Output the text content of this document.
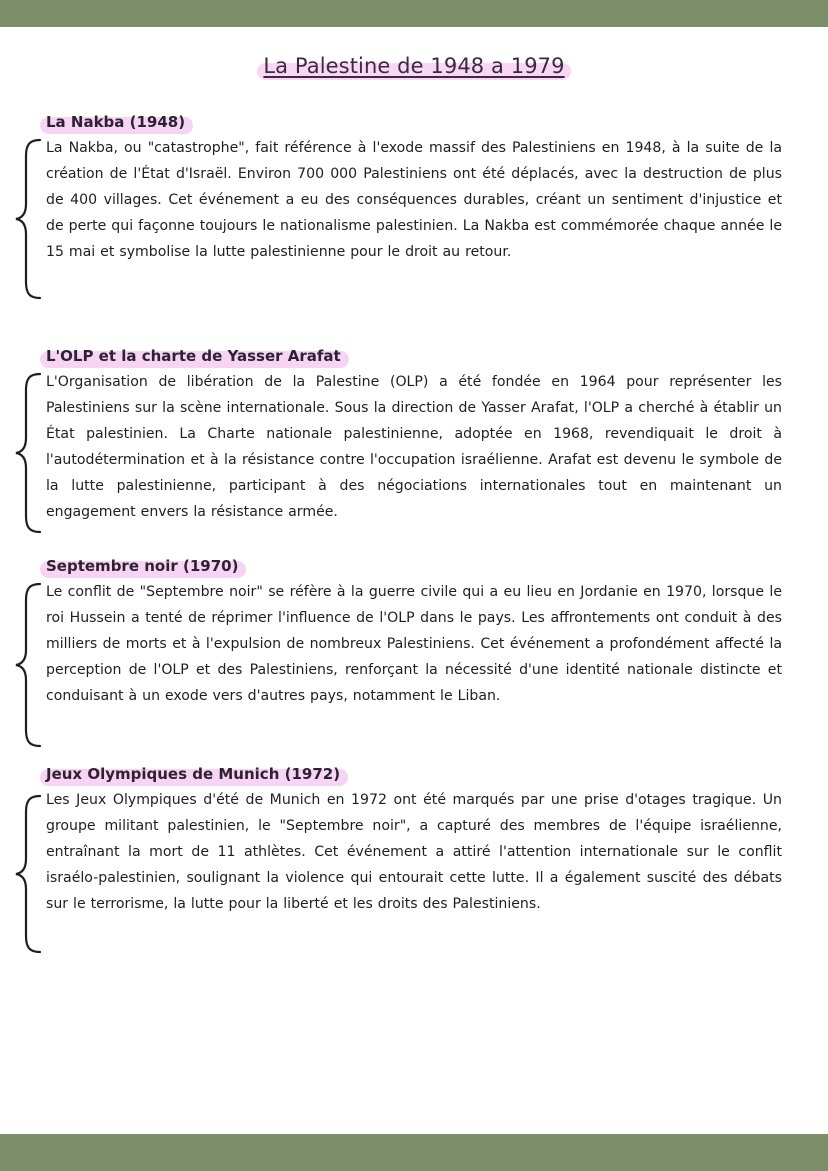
La Palestine de 1948 a 1979
La Nakba (1948)

La Nakba, ou "catastrophe", fait référence à l'exode massif des Palestiniens en 1948, à la suite de la création de l'État d'Israël. Environ 700 000 Palestiniens ont été déplacés, avec la destruction de plus de 400 villages. Cet événement a eu des conséquences durables, créant un sentiment d'injustice et de perte qui façonne toujours le nationalisme palestinien. La Nakba est commémorée chaque année le 15 mai et symbolise la lutte palestinienne pour le droit au retour.

L'OLP et la charte de Yasser Arafat

L'Organisation de libération de la Palestine (OLP) a été fondée en 1964 pour représenter les Palestiniens sur la scène internationale. Sous la direction de Yasser Arafat, l'OLP a cherché à établir un État palestinien. La Charte nationale palestinienne, adoptée en 1968, revendiquait le droit à l'autodétermination et à la résistance contre l'occupation israélienne. Arafat est devenu le symbole de la lutte palestinienne, participant à des négociations internationales tout en maintenant un engagement envers la résistance armée.

Septembre noir (1970)

Le conflit de "Septembre noir" se réfère à la guerre civile qui a eu lieu en Jordanie en 1970, lorsque le roi Hussein a tenté de réprimer l'influence de l'OLP dans le pays. Les affrontements ont conduit à des milliers de morts et à l'expulsion de nombreux Palestiniens. Cet événement a profondément affecté la perception de l'OLP et des Palestiniens, renforçant la nécessité d'une identité nationale distincte et conduisant à un exode vers d'autres pays, notamment le Liban.

Jeux Olympiques de Munich (1972)

Les Jeux Olympiques d'été de Munich en 1972 ont été marqués par une prise d'otages tragique. Un groupe militant palestinien, le "Septembre noir", a capturé des membres de l'équipe israélienne, entraînant la mort de 11 athlètes. Cet événement a attiré l'attention internationale sur le conflit israélo-palestinien, soulignant la violence qui entourait cette lutte. Il a également suscité des débats sur le terrorisme, la lutte pour la liberté et les droits des Palestiniens.
